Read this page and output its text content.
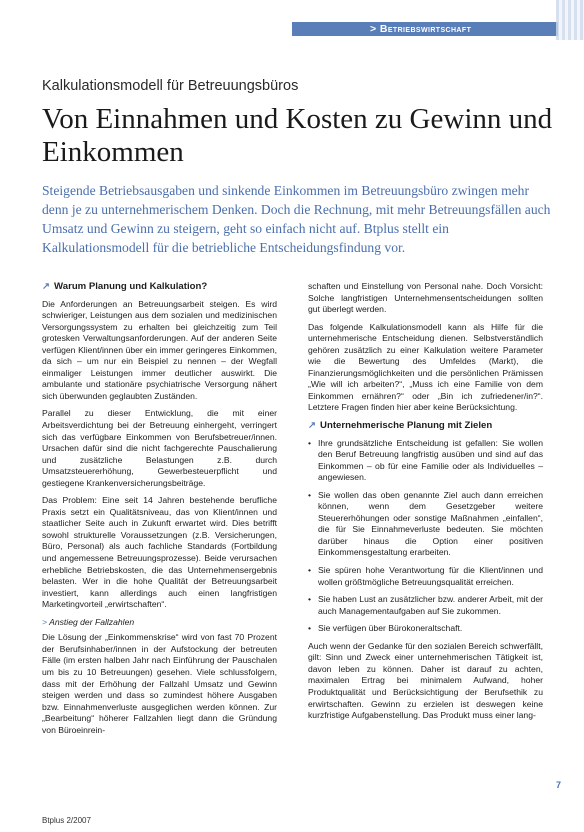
> Betriebswirtschaft
Kalkulationsmodell für Betreuungsbüros
Von Einnahmen und Kosten zu Gewinn und Einkommen

Steigende Betriebsausgaben und sinkende Einkommen im Betreuungsbüro zwingen mehr denn je zu unternehmerischem Denken. Doch die Rechnung, mit mehr Betreuungsfällen auch Umsatz und Gewinn zu steigern, geht so einfach nicht auf. Btplus stellt ein Kalkulationsmodell für die betriebliche Entscheidungsfindung vor.

↗ Warum Planung und Kalkulation?

Die Anforderungen an Betreuungsarbeit steigen. Es wird schwieriger, Leistungen aus dem sozialen und medizinischen Versorgungssystem zu erhalten bei gleichzeitig zum Teil grotesken Verwaltungsanforderungen. Auf der anderen Seite verfügen Klient/innen über ein immer geringeres Einkommen, da sich – um nur ein Beispiel zu nennen – der Wegfall einmaliger Leistungen immer deutlicher auswirkt. Die ambulante und stationäre psychiatrische Versorgung nähert sich überwunden geglaubten Zuständen.

Parallel zu dieser Entwicklung, die mit einer Arbeitsverdichtung bei der Betreuung einhergeht, verringert sich das verfügbare Einkommen von Berufsbetreuer/innen. Ursachen dafür sind die nicht fachgerechte Pauschalierung und zusätzliche Belastungen z.B. durch Umsatzsteuererhöhung, Gewerbesteuerpflicht und gestiegene Krankenversicherungsbeiträge.

Das Problem: Eine seit 14 Jahren bestehende berufliche Praxis setzt ein Qualitätsniveau, das von Klient/innen und staatlicher Seite auch in Zukunft erwartet wird. Dies betrifft sowohl strukturelle Voraussetzungen (z.B. Versicherungen, Büro, Personal) als auch fachliche Standards (Fortbildung und angemessene Betreuungsprozesse). Beide verursachen erhebliche Betriebskosten, die das Unternehmensergebnis belasten. Wer in die hohe Qualität der Betreuungsarbeit investiert, kann allerdings auch einen langfristigen Marketingvorteil „erwirtschaften“.

> Anstieg der Fallzahlen

Die Lösung der „Einkommenskrise“ wird von fast 70 Prozent der Berufsinhaber/innen in der Aufstockung der betreuten Fälle (im ersten halben Jahr nach Einführung der Pauschalen um bis zu 10 Betreuungen) gesehen. Viele schlussfolgern, dass mit der Erhöhung der Fallzahl Umsatz und Gewinn steigen werden und dass so zumindest höhere Ausgaben bzw. Einnahmenverluste ausgeglichen werden können. Zur „Bearbeitung“ höherer Fallzahlen liegt dann die Gründung von Büroeinrein-

schaften und Einstellung von Personal nahe. Doch Vorsicht: Solche langfristigen Unternehmensentscheidungen sollten gut überlegt werden.

Das folgende Kalkulationsmodell kann als Hilfe für die unternehmerische Entscheidung dienen. Selbstverständlich gehören zusätzlich zu einer Kalkulation weitere Parameter wie die Bewertung des Umfeldes (Markt), die Finanzierungsmöglichkeiten und die persönlichen Prämissen „Wie will ich arbeiten?“, „Muss ich eine Familie von dem Einkommen ernähren?“ oder „Bin ich zufriedener/in?“. Letztere Fragen finden hier aber keine Berücksichtung.

↗ Unternehmerische Planung mit Zielen
• Ihre grundsätzliche Entscheidung ist gefallen: Sie wollen den Beruf Betreuung langfristig ausüben und sind auf das Einkommen – ob für eine Familie oder als Individuelles – angewiesen.
• Sie wollen das oben genannte Ziel auch dann erreichen können, wenn dem Gesetzgeber weitere Steuererhöhungen oder sonstige Maßnahmen „einfallen“, die für Sie Einnahmeverluste bedeuten. Sie möchten darüber hinaus die Option einer positiven Einkommensgestaltung erarbeiten.
• Sie spüren hohe Verantwortung für die Klient/innen und wollen größtmögliche Betreuungsqualität erreichen.
• Sie haben Lust an zusätzlicher bzw. anderer Arbeit, mit der auch Managementaufgaben auf Sie zukommen.
• Sie verfügen über Bürokoneraltschaft.

Auch wenn der Gedanke für den sozialen Bereich schwerfällt, gilt: Sinn und Zweck einer unternehmerischen Tätigkeit ist, davon leben zu können. Daher ist darauf zu achten, maximalen Ertrag bei minimalem Aufwand, hoher Produktqualität und Berücksichtigung der Berufsethik zu erwirtschaften. Gewinn zu erzielen ist deswegen keine kurzfristige Aufgabenstellung. Das Produkt muss einer lang-

Btplus 2/2007
7
